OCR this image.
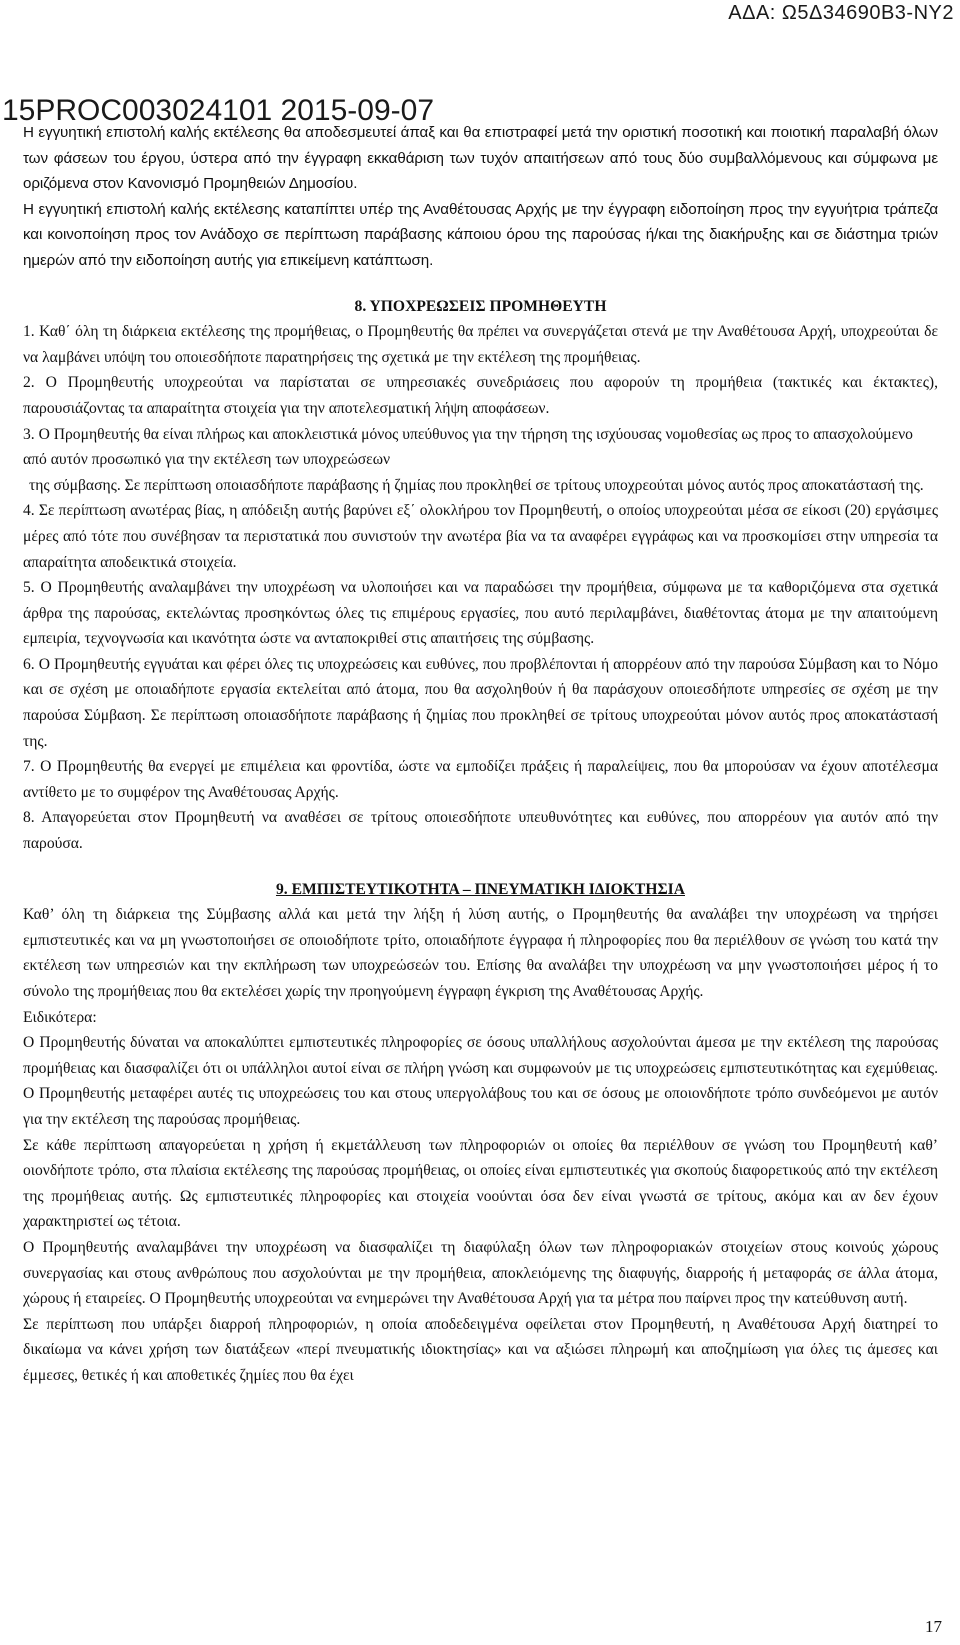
ΑΔΑ: Ω5Δ34690Β3-ΝΥ2
15PROC003024101 2015-09-07

Η εγγυητική επιστολή καλής εκτέλεσης θα αποδεσμευτεί άπαξ και θα επιστραφεί μετά την οριστική ποσοτική και ποιοτική παραλαβή όλων των φάσεων του έργου, ύστερα από την έγγραφη εκκαθάριση των τυχόν απαιτήσεων από τους δύο συμβαλλόμενους και σύμφωνα με οριζόμενα στον Κανονισμό Προμηθειών Δημοσίου.

Η εγγυητική επιστολή καλής εκτέλεσης καταπίπτει υπέρ της Αναθέτουσας Αρχής με την έγγραφη ειδοποίηση προς την εγγυήτρια τράπεζα και κοινοποίηση προς τον Ανάδοχο σε περίπτωση παράβασης κάποιου όρου της παρούσας ή/και της διακήρυξης και σε διάστημα τριών ημερών από την ειδοποίηση αυτής για επικείμενη κατάπτωση.

8. ΥΠΟΧΡΕΩΣΕΙΣ ΠΡΟΜΗΘΕΥΤΗ

1. Καθ΄ όλη τη διάρκεια εκτέλεσης της προμήθειας, ο Προμηθευτής θα πρέπει να συνεργάζεται στενά με την Αναθέτουσα Αρχή, υποχρεούται δε να λαμβάνει υπόψη του οποιεσδήποτε παρατηρήσεις της σχετικά με την εκτέλεση της προμήθειας.

2. Ο Προμηθευτής υποχρεούται να παρίσταται σε υπηρεσιακές συνεδριάσεις που αφορούν τη προμήθεια (τακτικές και έκτακτες), παρουσιάζοντας τα απαραίτητα στοιχεία για την αποτελεσματική λήψη αποφάσεων.

3. Ο Προμηθευτής θα είναι πλήρως και αποκλειστικά μόνος υπεύθυνος για την τήρηση της ισχύουσας νομοθεσίας ως προς το απασχολούμενο από αυτόν προσωπικό για την εκτέλεση των υποχρεώσεων

της σύμβασης. Σε περίπτωση οποιασδήποτε παράβασης ή ζημίας που προκληθεί σε τρίτους υποχρεούται μόνος αυτός προς αποκατάστασή της.

4. Σε περίπτωση ανωτέρας βίας, η απόδειξη αυτής βαρύνει εξ΄ ολοκλήρου τον Προμηθευτή, ο οποίος υποχρεούται μέσα σε είκοσι (20) εργάσιμες μέρες από τότε που συνέβησαν τα περιστατικά που συνιστούν την ανωτέρα βία να τα αναφέρει εγγράφως και να προσκομίσει στην υπηρεσία τα απαραίτητα αποδεικτικά στοιχεία.

5. Ο Προμηθευτής αναλαμβάνει την υποχρέωση να υλοποιήσει και να παραδώσει την προμήθεια, σύμφωνα με τα καθοριζόμενα στα σχετικά άρθρα της παρούσας, εκτελώντας προσηκόντως όλες τις επιμέρους εργασίες, που αυτό περιλαμβάνει, διαθέτοντας άτομα με την απαιτούμενη εμπειρία, τεχνογνωσία και ικανότητα ώστε να ανταποκριθεί στις απαιτήσεις της σύμβασης.

6. Ο Προμηθευτής εγγυάται και φέρει όλες τις υποχρεώσεις και ευθύνες, που προβλέπονται ή απορρέουν από την παρούσα Σύμβαση και το Νόμο και σε σχέση με οποιαδήποτε εργασία εκτελείται από άτομα, που θα ασχοληθούν ή θα παράσχουν οποιεσδήποτε υπηρεσίες σε σχέση με την παρούσα Σύμβαση. Σε περίπτωση οποιασδήποτε παράβασης ή ζημίας που προκληθεί σε τρίτους υποχρεούται μόνον αυτός προς αποκατάστασή της.

7. Ο Προμηθευτής θα ενεργεί με επιμέλεια και φροντίδα, ώστε να εμποδίζει πράξεις ή παραλείψεις, που θα μπορούσαν να έχουν αποτέλεσμα αντίθετο με το συμφέρον της Αναθέτουσας Αρχής.

8. Απαγορεύεται στον Προμηθευτή να αναθέσει σε τρίτους οποιεσδήποτε υπευθυνότητες και ευθύνες, που απορρέουν για αυτόν από την παρούσα.

9. ΕΜΠΙΣΤΕΥΤΙΚΟΤΗΤΑ – ΠΝΕΥΜΑΤΙΚΗ ΙΔΙΟΚΤΗΣΙΑ

Καθ’ όλη τη διάρκεια της Σύμβασης αλλά και μετά την λήξη ή λύση αυτής, ο Προμηθευτής θα αναλάβει την υποχρέωση να τηρήσει εμπιστευτικές και να μη γνωστοποιήσει σε οποιοδήποτε τρίτο, οποιαδήποτε έγγραφα ή πληροφορίες που θα περιέλθουν σε γνώση του κατά την εκτέλεση των υπηρεσιών και την εκπλήρωση των υποχρεώσεών του. Επίσης θα αναλάβει την υποχρέωση να μην γνωστοποιήσει μέρος ή το σύνολο της προμήθειας που θα εκτελέσει χωρίς την προηγούμενη έγγραφη έγκριση της Αναθέτουσας Αρχής.

Ειδικότερα:

Ο Προμηθευτής δύναται να αποκαλύπτει εμπιστευτικές πληροφορίες σε όσους υπαλλήλους ασχολούνται άμεσα με την εκτέλεση της παρούσας προμήθειας και διασφαλίζει ότι οι υπάλληλοι αυτοί είναι σε πλήρη γνώση και συμφωνούν με τις υποχρεώσεις εμπιστευτικότητας και εχεμύθειας. Ο Προμηθευτής μεταφέρει αυτές τις υποχρεώσεις του και στους υπεργολάβους του και σε όσους με οποιονδήποτε τρόπο συνδεόμενοι με αυτόν για την εκτέλεση της παρούσας προμήθειας.

Σε κάθε περίπτωση απαγορεύεται η χρήση ή εκμετάλλευση των πληροφοριών οι οποίες θα περιέλθουν σε γνώση του Προμηθευτή καθ’ οιονδήποτε τρόπο, στα πλαίσια εκτέλεσης της παρούσας προμήθειας, οι οποίες είναι εμπιστευτικές για σκοπούς διαφορετικούς από την εκτέλεση της προμήθειας αυτής. Ως εμπιστευτικές πληροφορίες και στοιχεία νοούνται όσα δεν είναι γνωστά σε τρίτους, ακόμα και αν δεν έχουν χαρακτηριστεί ως τέτοια.

Ο Προμηθευτής αναλαμβάνει την υποχρέωση να διασφαλίζει τη διαφύλαξη όλων των πληροφοριακών στοιχείων στους κοινούς χώρους συνεργασίας και στους ανθρώπους που ασχολούνται με την προμήθεια, αποκλειόμενης της διαφυγής, διαρροής ή μεταφοράς σε άλλα άτομα, χώρους ή εταιρείες. Ο Προμηθευτής υποχρεούται να ενημερώνει την Αναθέτουσα Αρχή για τα μέτρα που παίρνει προς την κατεύθυνση αυτή.

Σε περίπτωση που υπάρξει διαρροή πληροφοριών, η οποία αποδεδειγμένα οφείλεται στον Προμηθευτή, η Αναθέτουσα Αρχή διατηρεί το δικαίωμα να κάνει χρήση των διατάξεων «περί πνευματικής ιδιοκτησίας» και να αξιώσει πληρωμή και αποζημίωση για όλες τις άμεσες και έμμεσες, θετικές ή και αποθετικές ζημίες που θα έχει

17
